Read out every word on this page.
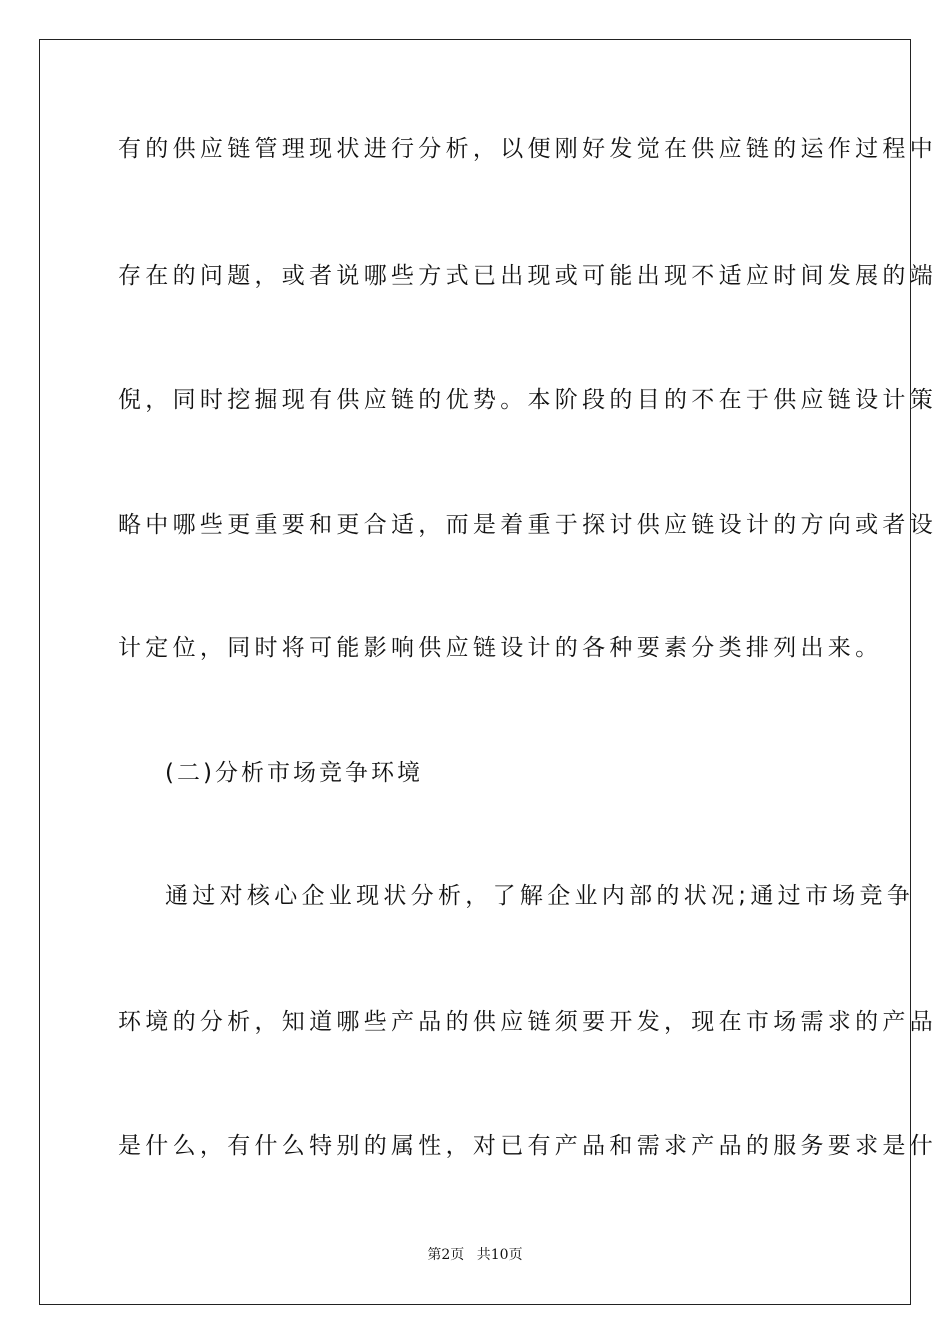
有的供应链管理现状进行分析，以便刚好发觉在供应链的运作过程中
存在的问题，或者说哪些方式已出现或可能出现不适应时间发展的端
倪，同时挖掘现有供应链的优势。本阶段的目的不在于供应链设计策
略中哪些更重要和更合适，而是着重于探讨供应链设计的方向或者设
计定位，同时将可能影响供应链设计的各种要素分类排列出来。
(二)分析市场竞争环境
通过对核心企业现状分析，了解企业内部的状况;通过市场竞争
环境的分析，知道哪些产品的供应链须要开发，现在市场需求的产品
是什么，有什么特别的属性，对已有产品和需求产品的服务要求是什
第2页 共10页
